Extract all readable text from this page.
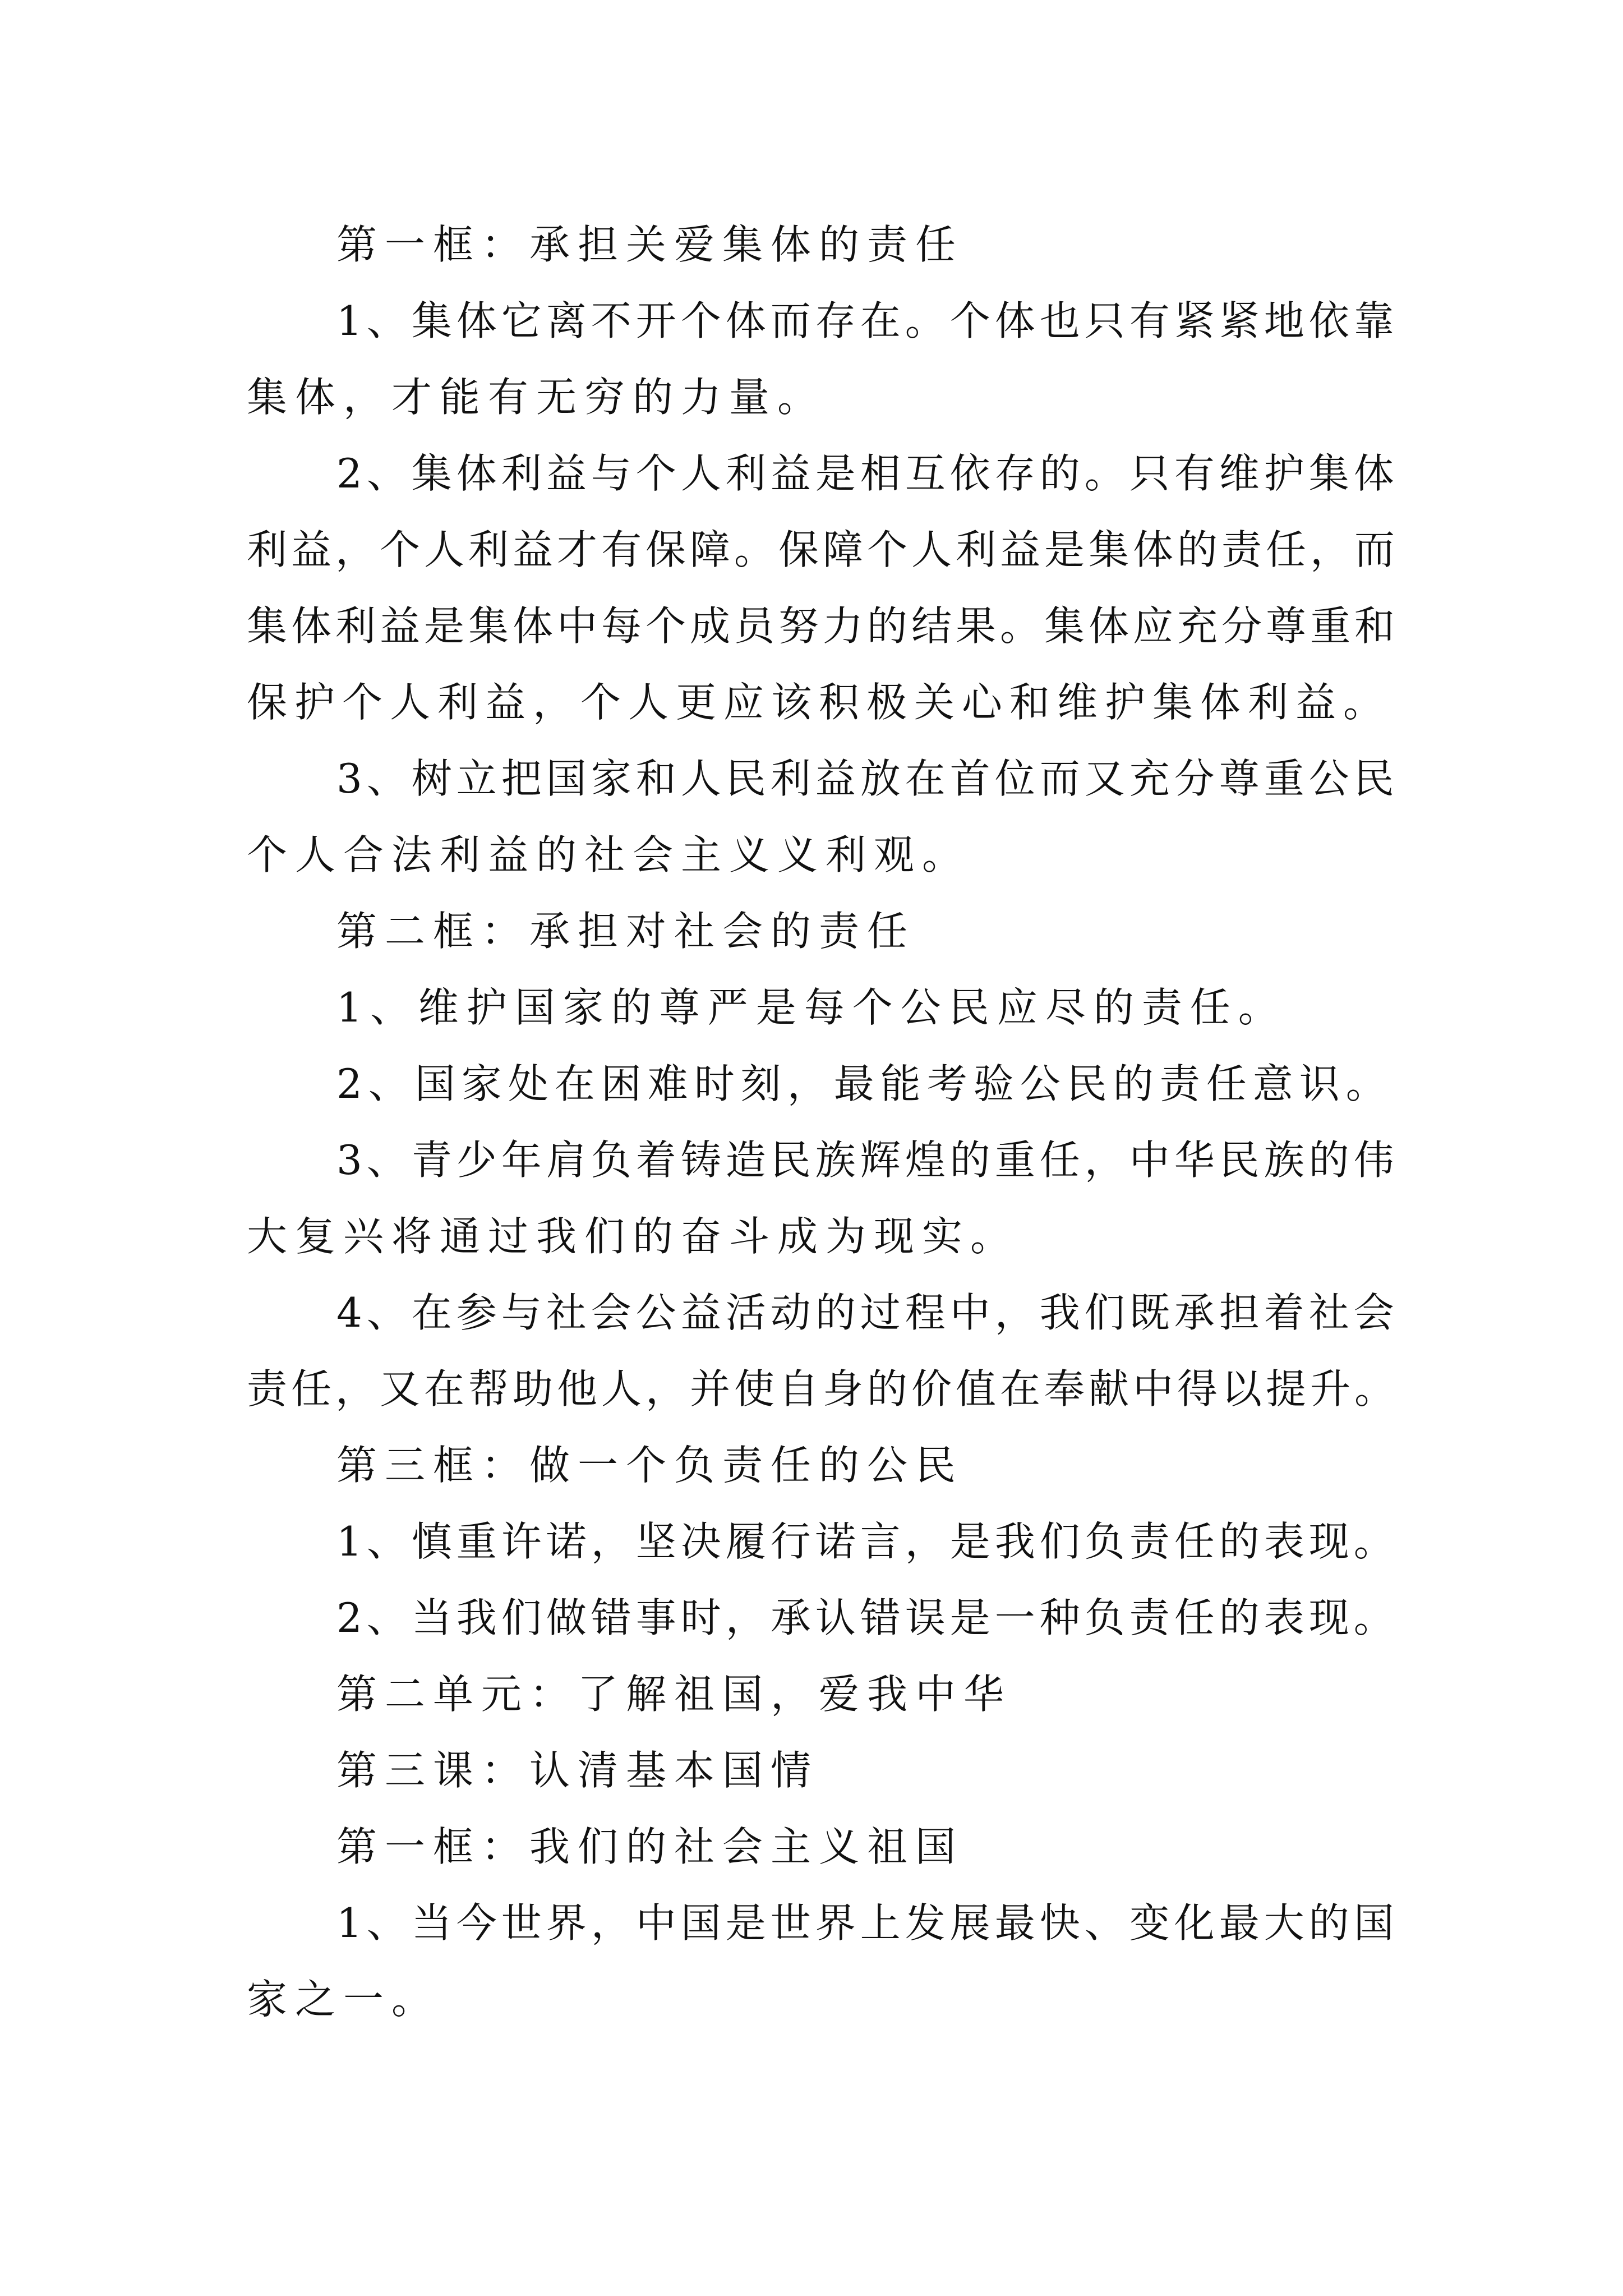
第一框：承担关爱集体的责任
1、集体它离不开个体而存在。个体也只有紧紧地依靠
集体，才能有无穷的力量。
2、集体利益与个人利益是相互依存的。只有维护集体
利益，个人利益才有保障。保障个人利益是集体的责任，而
集体利益是集体中每个成员努力的结果。集体应充分尊重和
保护个人利益，个人更应该积极关心和维护集体利益。
3、树立把国家和人民利益放在首位而又充分尊重公民
个人合法利益的社会主义义利观。
第二框：承担对社会的责任
1、维护国家的尊严是每个公民应尽的责任。
2、国家处在困难时刻，最能考验公民的责任意识。
3、青少年肩负着铸造民族辉煌的重任，中华民族的伟
大复兴将通过我们的奋斗成为现实。
4、在参与社会公益活动的过程中，我们既承担着社会
责任，又在帮助他人，并使自身的价值在奉献中得以提升。
第三框：做一个负责任的公民
1、慎重许诺，坚决履行诺言，是我们负责任的表现。
2、当我们做错事时，承认错误是一种负责任的表现。
第二单元：了解祖国，爱我中华
第三课：认清基本国情
第一框：我们的社会主义祖国
1、当今世界，中国是世界上发展最快、变化最大的国
家之一。
